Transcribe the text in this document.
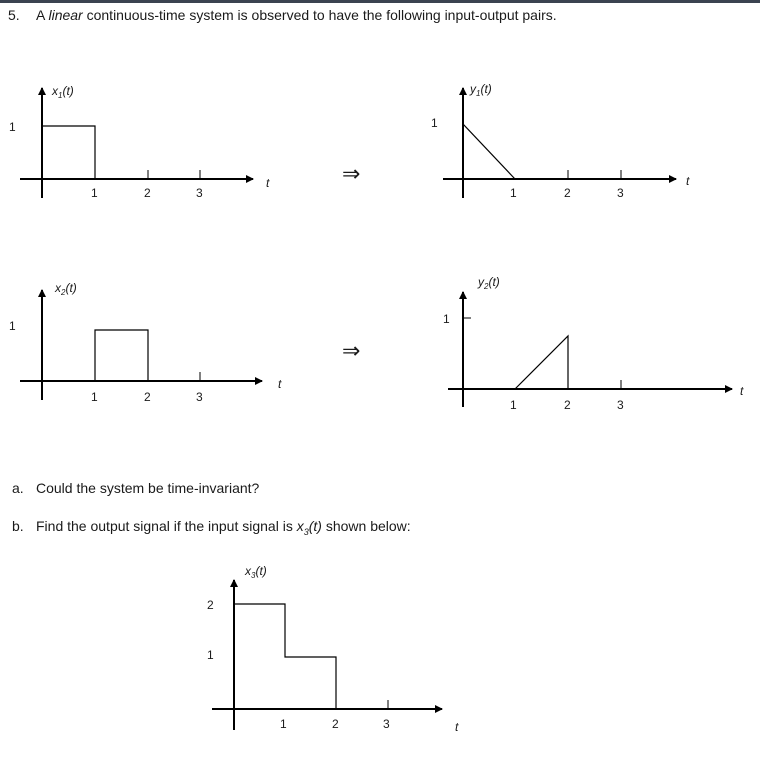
5. A linear continuous-time system is observed to have the following input-output pairs.
$x_1(t)$
1
1	2	3
t	⇒
$y_1(t)$
1
1	2	3
t
$x_2(t)$
1
1	2	3
t
⇒
$y_2(t)$
1
1	2	3
t
$x_3(t)$
2
1
1	2	3	t
a. Could the system be time-invariant?
b. Find the output signal if the input signal is $x_3(t)$ shown below:
